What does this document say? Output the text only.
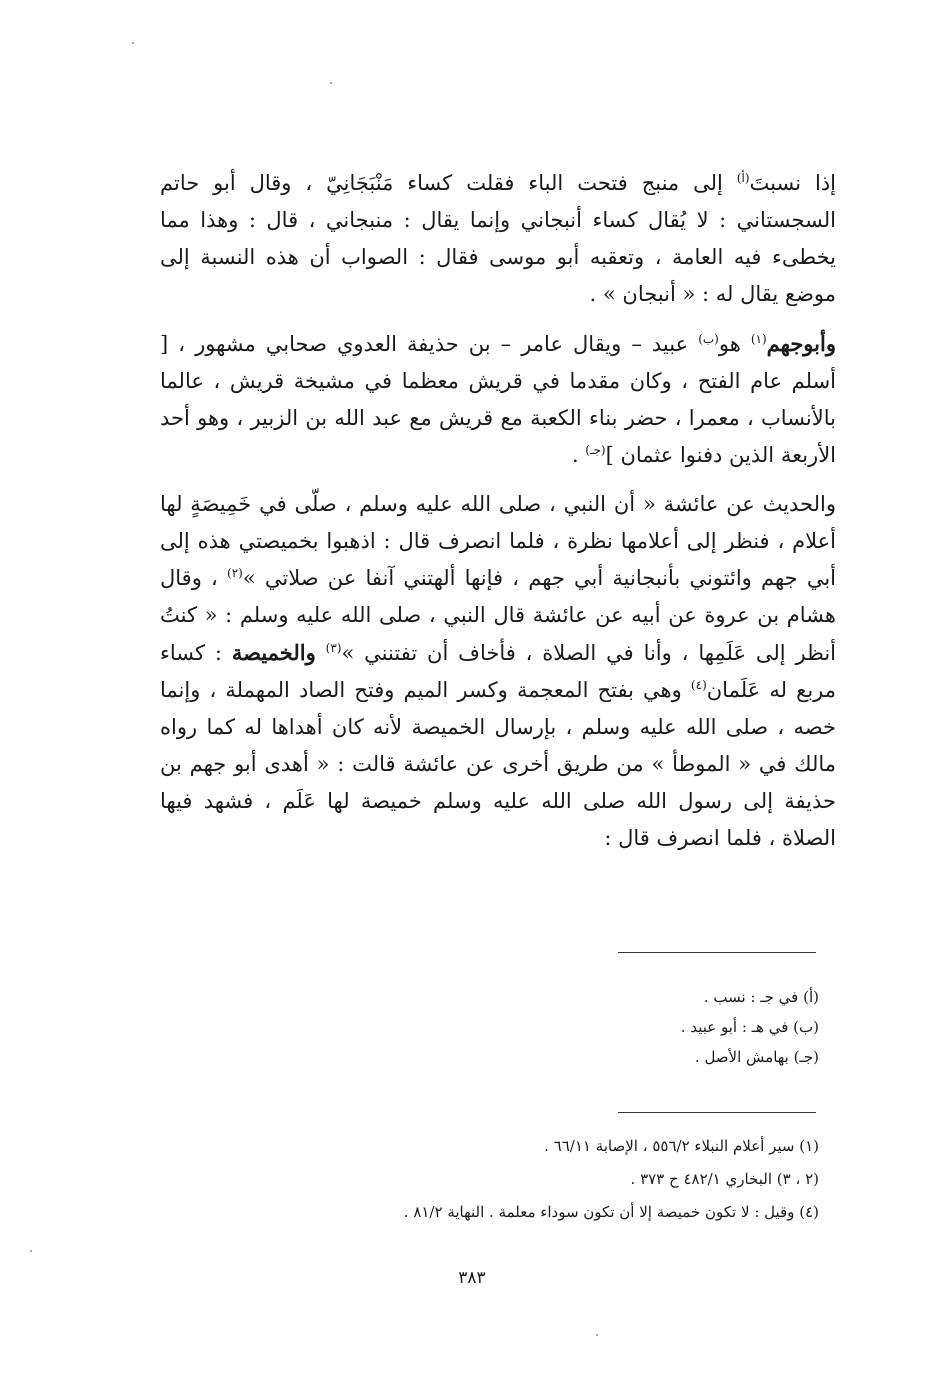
إذا نسبتَ$^{(أ)}$ إلى منبج فتحت الباء فقلت كساء مَنْبَجَانِيّ ، وقال أبو حاتم السجستاني : لا يُقال كساء أنبجاني وإنما يقال : منبجاني ، قال : وهذا مما يخطىء فيه العامة ، وتعقبه أبو موسى فقال : الصواب أن هذه النسبة إلى موضع يقال له : « أنبجان » .

وأبوجهم$^{(١)}$ هو$^{(ب)}$ عبيد – ويقال عامر – بن حذيفة العدوي صحابي مشهور ، [ أسلم عام الفتح ، وكان مقدما في قريش معظما في مشيخة قريش ، عالما بالأنساب ، معمرا ، حضر بناء الكعبة مع قريش مع عبد الله بن الزبير ، وهو أحد الأربعة الذين دفنوا عثمان ]$^{(جـ)}$ .

والحديث عن عائشة « أن النبي ، صلى الله عليه وسلم ، صلّى في خَمِيصَةٍ لها أعلام ، فنظر إلى أعلامها نظرة ، فلما انصرف قال : اذهبوا بخميصتي هذه إلى أبي جهم وائتوني بأنبجانية أبي جهم ، فإنها ألهتني آنفا عن صلاتي »$^{(٢)}$ ، وقال هشام بن عروة عن أبيه عن عائشة قال النبي ، صلى الله عليه وسلم : « كنتُ أنظر إلى عَلَمِها ، وأنا في الصلاة ، فأخاف أن تفتنني »$^{(٣)}$ والخميصة : كساء مربع له عَلَمان$^{(٤)}$ وهي بفتح المعجمة وكسر الميم وفتح الصاد المهملة ، وإنما خصه ، صلى الله عليه وسلم ، بإرسال الخميصة لأنه كان أهداها له كما رواه مالك في « الموطأ » من طريق أخرى عن عائشة قالت : « أهدى أبو جهم بن حذيفة إلى رسول الله صلى الله عليه وسلم خميصة لها عَلَم ، فشهد فيها الصلاة ، فلما انصرف قال :

(أ) في جـ : نسب .
(ب) في هـ : أبو عبيد .
(جـ) بهامش الأصل .
(١) سير أعلام النبلاء ٥٥٦/٢ ، الإصابة ٦٦/١١ .
(٢ ، ٣) البخاري ٤٨٢/١ ح ٣٧٣ .
(٤) وقيل : لا تكون خميصة إلا أن تكون سوداء معلمة . النهاية ٨١/٢ .
٣٨٣
